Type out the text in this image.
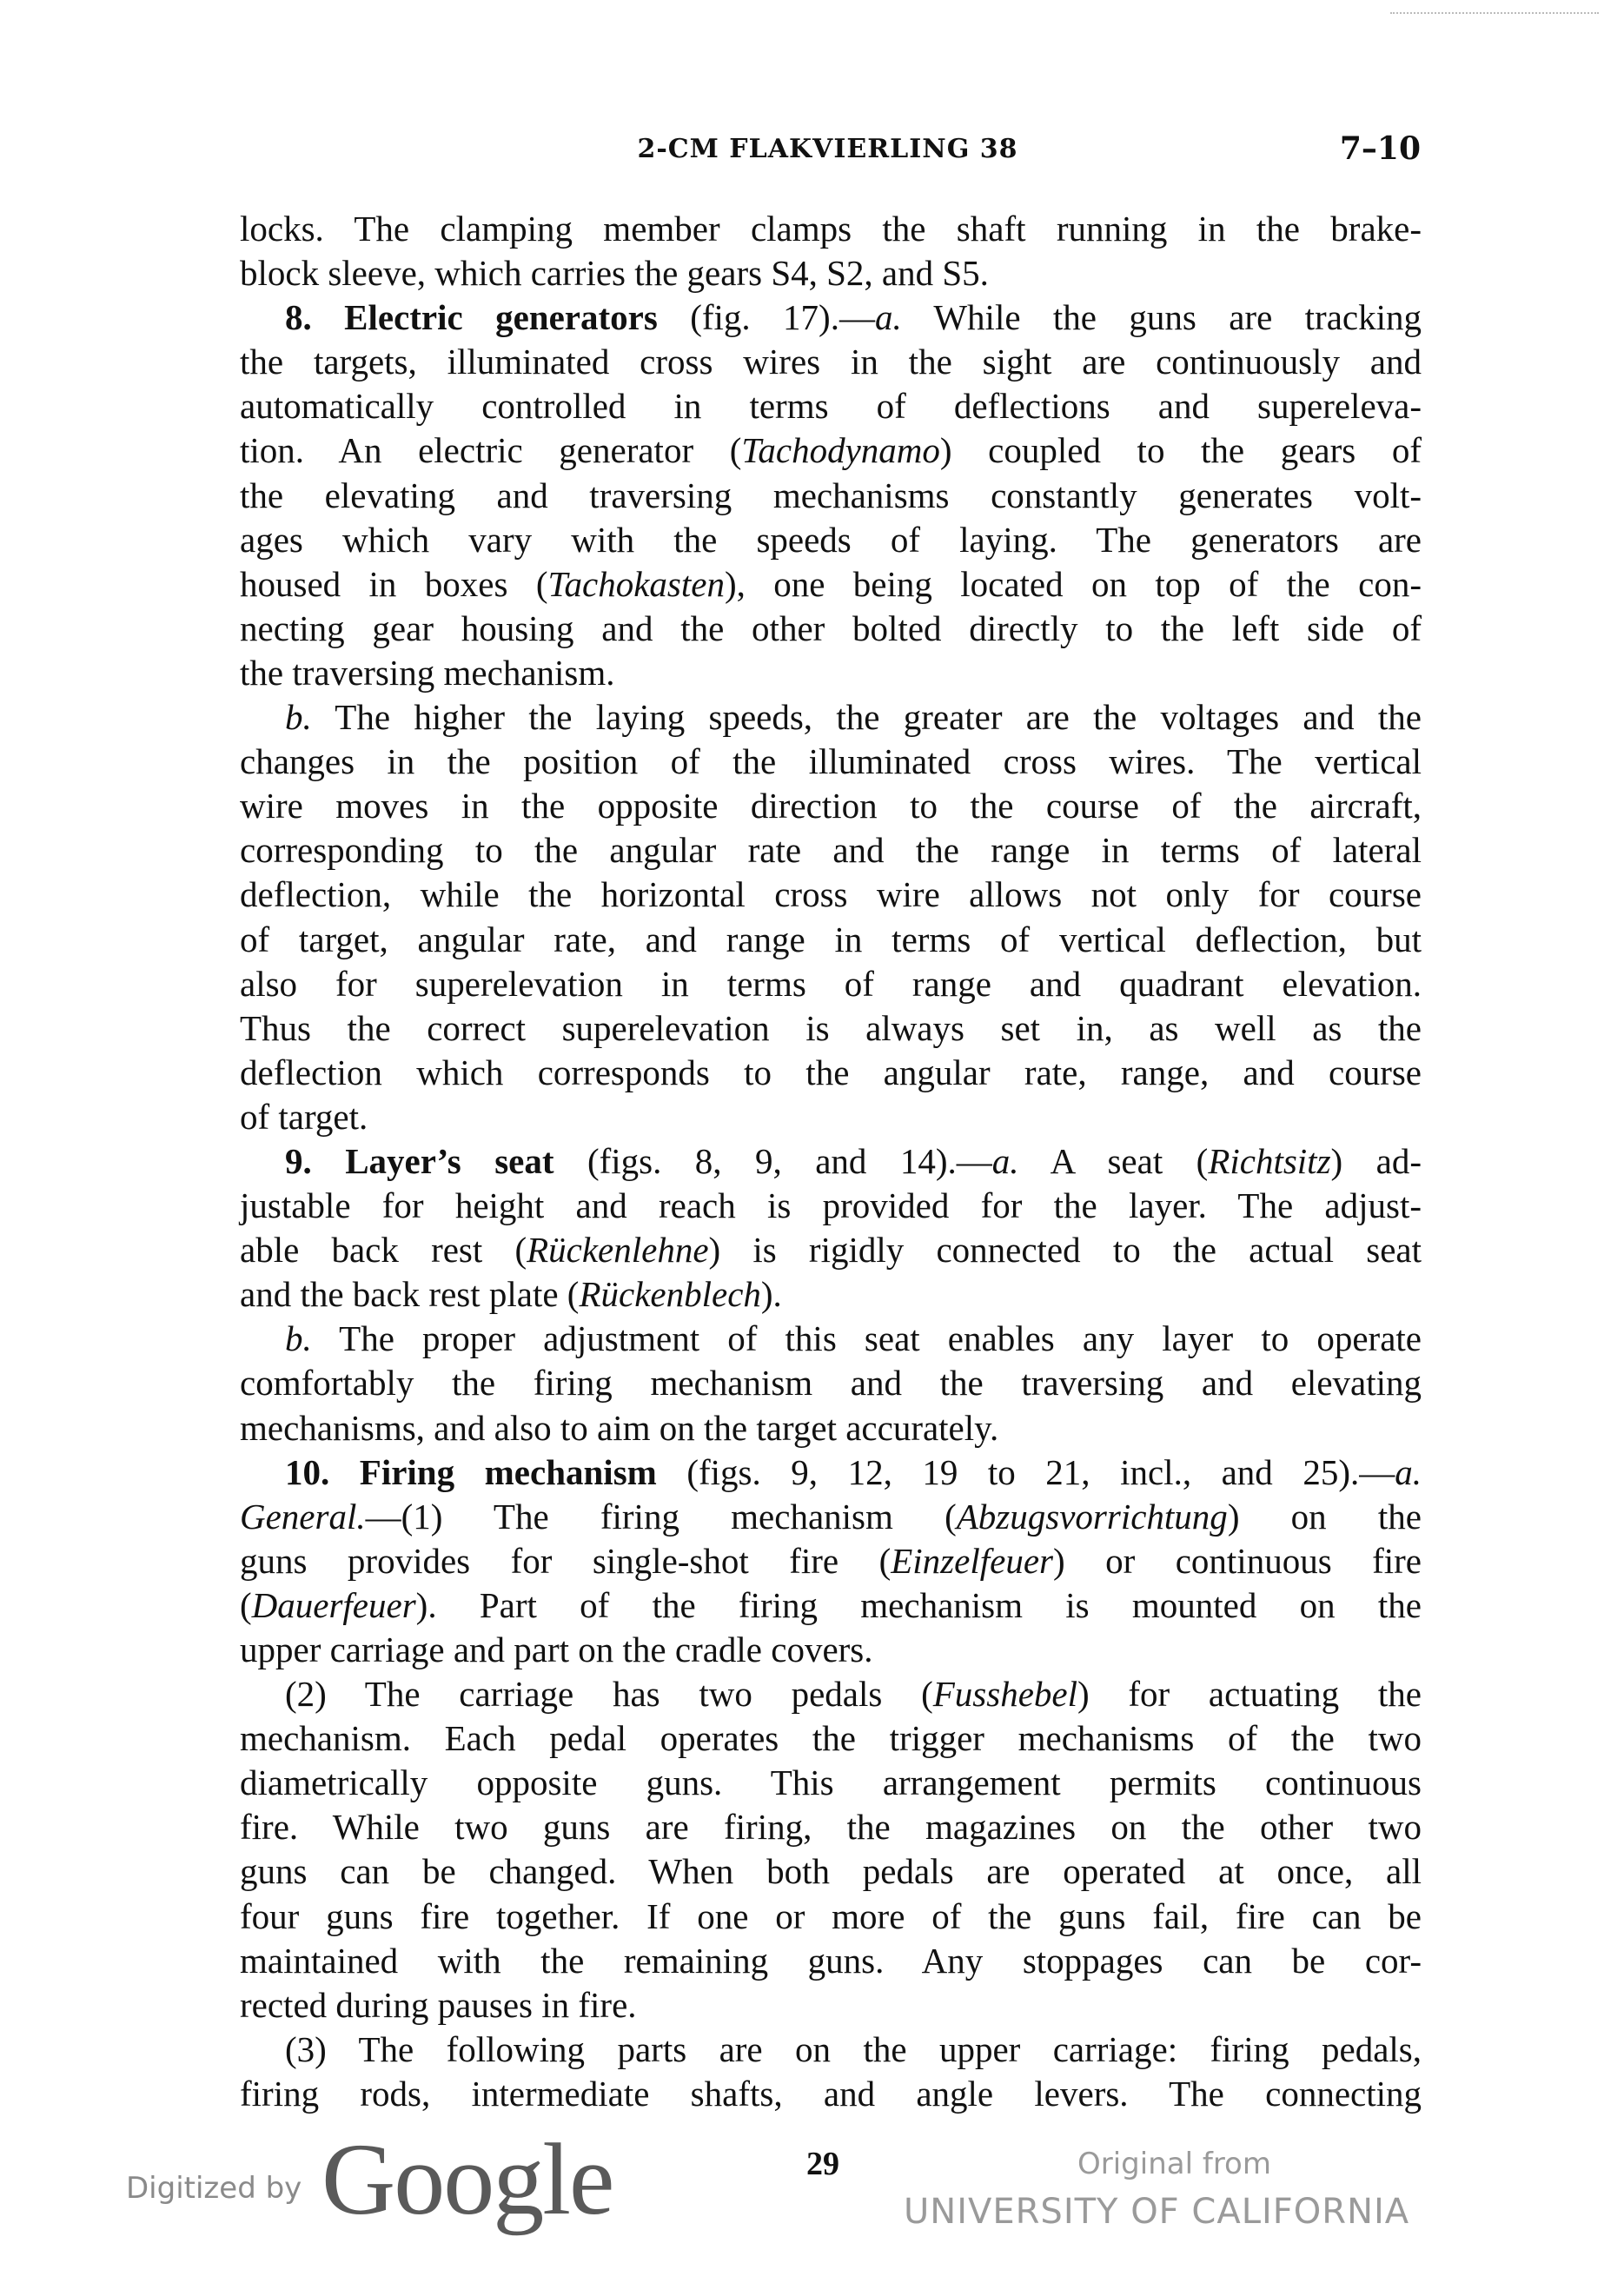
2-CM FLAKVIERLING 38	7–10
locks. The clamping member clamps the shaft running in the brake-
block sleeve, which carries the gears S4, S2, and S5.
8. Electric generators (fig. 17).—a. While the guns are tracking
the targets, illuminated cross wires in the sight are continuously and
automatically controlled in terms of deflections and supereleva-
tion. An electric generator (Tachodynamo) coupled to the gears of
the elevating and traversing mechanisms constantly generates volt-
ages which vary with the speeds of laying. The generators are
housed in boxes (Tachokasten), one being located on top of the con-
necting gear housing and the other bolted directly to the left side of
the traversing mechanism.
b. The higher the laying speeds, the greater are the voltages and the
changes in the position of the illuminated cross wires. The vertical
wire moves in the opposite direction to the course of the aircraft,
corresponding to the angular rate and the range in terms of lateral
deflection, while the horizontal cross wire allows not only for course
of target, angular rate, and range in terms of vertical deflection, but
also for superelevation in terms of range and quadrant elevation.
Thus the correct superelevation is always set in, as well as the
deflection which corresponds to the angular rate, range, and course
of target.
9. Layer’s seat (figs. 8, 9, and 14).—a. A seat (Richtsitz) ad-
justable for height and reach is provided for the layer. The adjust-
able back rest (Rückenlehne) is rigidly connected to the actual seat
and the back rest plate (Rückenblech).
b. The proper adjustment of this seat enables any layer to operate
comfortably the firing mechanism and the traversing and elevating
mechanisms, and also to aim on the target accurately.
10. Firing mechanism (figs. 9, 12, 19 to 21, incl., and 25).—a.
General.—(1) The firing mechanism (Abzugsvorrichtung) on the
guns provides for single-shot fire (Einzelfeuer) or continuous fire
(Dauerfeuer). Part of the firing mechanism is mounted on the
upper carriage and part on the cradle covers.
(2) The carriage has two pedals (Fusshebel) for actuating the
mechanism. Each pedal operates the trigger mechanisms of the two
diametrically opposite guns. This arrangement permits continuous
fire. While two guns are firing, the magazines on the other two
guns can be changed. When both pedals are operated at once, all
four guns fire together. If one or more of the guns fail, fire can be
maintained with the remaining guns. Any stoppages can be cor-
rected during pauses in fire.
(3) The following parts are on the upper carriage: firing pedals,
firing rods, intermediate shafts, and angle levers. The connecting
Digitized by Google	29	Original from
UNIVERSITY OF CALIFORNIA
